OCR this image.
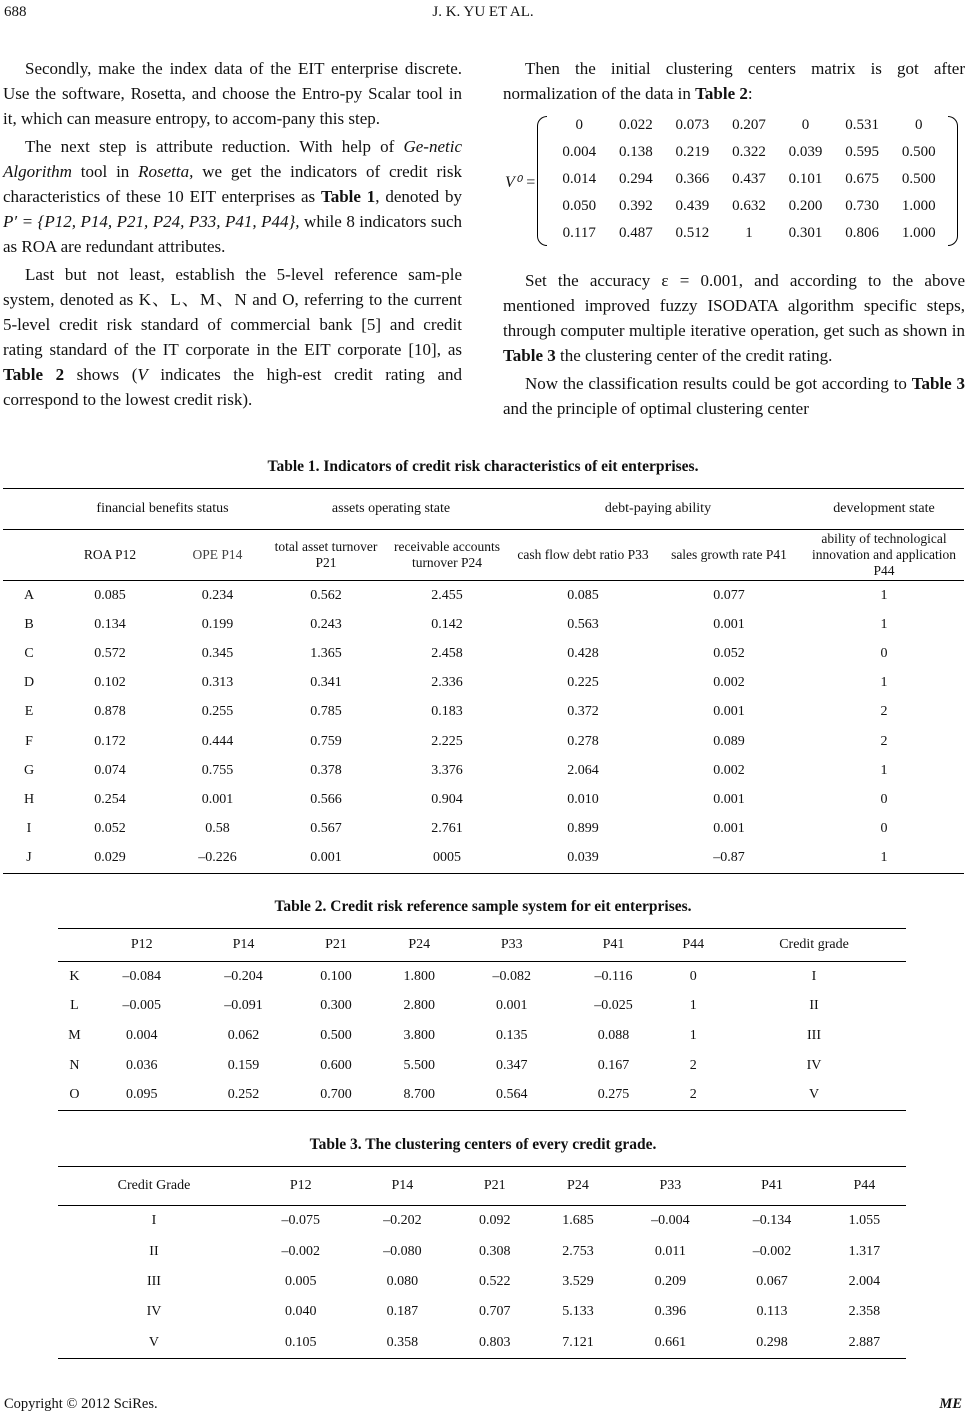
688	J. K. YU ET AL.

Secondly, make the index data of the EIT enterprise discrete. Use the software, Rosetta, and choose the Entro-py Scalar tool in it, which can measure entropy, to accom-pany this step.

The next step is attribute reduction. With help of Ge-netic Algorithm tool in Rosetta, we get the indicators of credit risk characteristics of these 10 EIT enterprises as Table 1, denoted by P′ = {P12, P14, P21, P24, P33, P41, P44}, while 8 indicators such as ROA are redundant attributes.

Last but not least, establish the 5-level reference sam-ple system, denoted as K、L、M、N and O, referring to the current 5-level credit risk standard of commercial bank [5] and credit rating standard of the IT corporate in the EIT corporate [10], as Table 2 shows (V indicates the high-est credit rating and correspond to the lowest credit risk).

Then the initial clustering centers matrix is got after normalization of the data in Table 2:

V⁰ =
0	0.022	0.073	0.207	0	0.531	0
0.004	0.138	0.219	0.322	0.039	0.595	0.500
0.014	0.294	0.366	0.437	0.101	0.675	0.500
0.050	0.392	0.439	0.632	0.200	0.730	1.000
0.117	0.487	0.512	1	0.301	0.806	1.000

Set the accuracy ε = 0.001, and according to the above mentioned improved fuzzy ISODATA algorithm specific steps, through computer multiple iterative operation, get such as shown in Table 3 the clustering center of the credit rating.

Now the classification results could be got according to Table 3 and the principle of optimal clustering center

Table 1. Indicators of credit risk characteristics of eit enterprises.
	financial benefits status		assets operating state		debt-paying ability		development state
	ROA P12	OPE P14	total asset turnover P21	receivable accounts turnover P24	cash flow debt ratio P33	sales growth rate P41	ability of technological innovation and application P44
A	0.085	0.234	0.562	2.455	0.085	0.077	1
B	0.134	0.199	0.243	0.142	0.563	0.001	1
C	0.572	0.345	1.365	2.458	0.428	0.052	0
D	0.102	0.313	0.341	2.336	0.225	0.002	1
E	0.878	0.255	0.785	0.183	0.372	0.001	2
F	0.172	0.444	0.759	2.225	0.278	0.089	2
G	0.074	0.755	0.378	3.376	2.064	0.002	1
H	0.254	0.001	0.566	0.904	0.010	0.001	0
I	0.052	0.58	0.567	2.761	0.899	0.001	0
J	0.029	–0.226	0.001	0005	0.039	–0.87	1
Table 2. Credit risk reference sample system for eit enterprises.
	P12	P14	P21	P24	P33	P41	P44	Credit grade
K	–0.084	–0.204	0.100	1.800	–0.082	–0.116	0	I
L	–0.005	–0.091	0.300	2.800	0.001	–0.025	1	II
M	0.004	0.062	0.500	3.800	0.135	0.088	1	III
N	0.036	0.159	0.600	5.500	0.347	0.167	2	IV
O	0.095	0.252	0.700	8.700	0.564	0.275	2	V
Table 3. The clustering centers of every credit grade.
Credit Grade	P12	P14	P21	P24	P33	P41	P44
I	–0.075	–0.202	0.092	1.685	–0.004	–0.134	1.055
II	–0.002	–0.080	0.308	2.753	0.011	–0.002	1.317
III	0.005	0.080	0.522	3.529	0.209	0.067	2.004
IV	0.040	0.187	0.707	5.133	0.396	0.113	2.358
V	0.105	0.358	0.803	7.121	0.661	0.298	2.887
Copyright © 2012 SciRes.	ME
